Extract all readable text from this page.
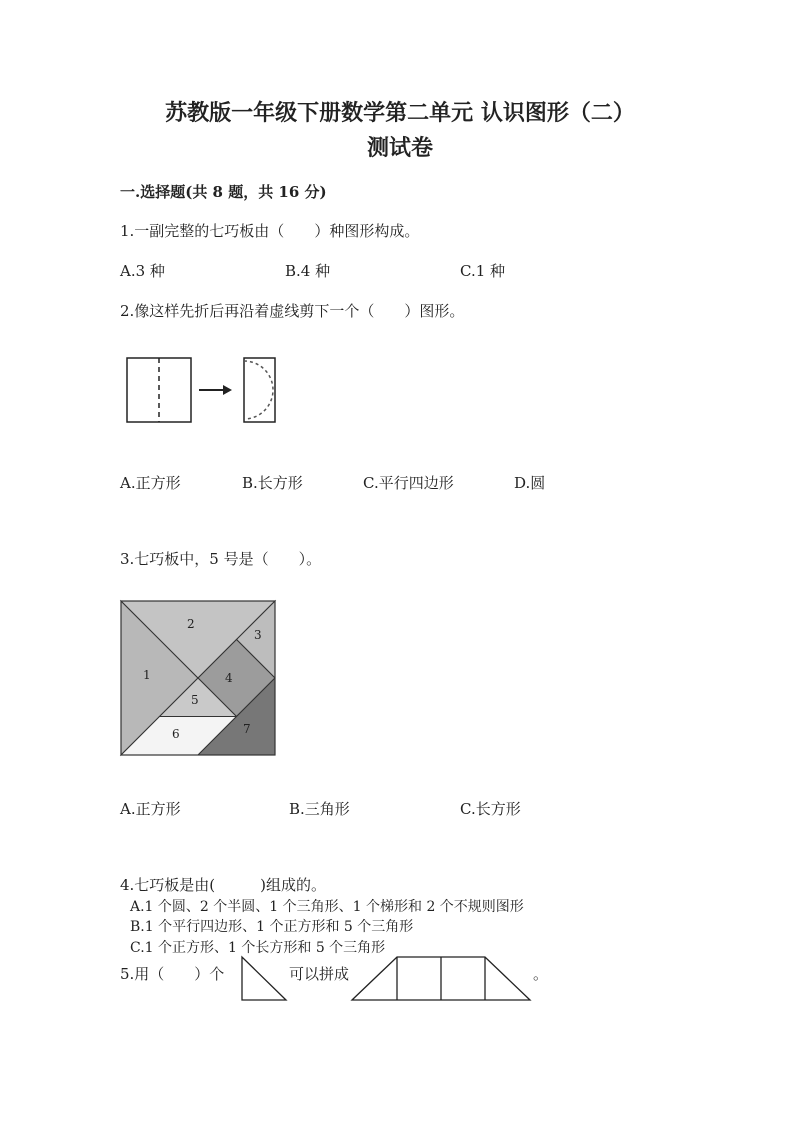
苏教版一年级下册数学第二单元 认识图形（二）
测试卷
一.选择题(共 8 题，共 16 分)
1.一副完整的七巧板由（　　）种图形构成。
A.3 种	B.4 种	C.1 种
2.像这样先折后再沿着虚线剪下一个（　　）图形。
A.正方形	B.长方形	C.平行四边形	D.圆
3.七巧板中，5 号是（　　）。
1
2
3
4
5
6	7
A.正方形	B.三角形	C.长方形
4.七巧板是由(　　　)组成的。
A.1 个圆、2 个半圆、1 个三角形、1 个梯形和 2 个不规则图形
B.1 个平行四边形、1 个正方形和 5 个三角形
C.1 个正方形、1 个长方形和 5 个三角形
5.用（　　）个	可以拼成	。
